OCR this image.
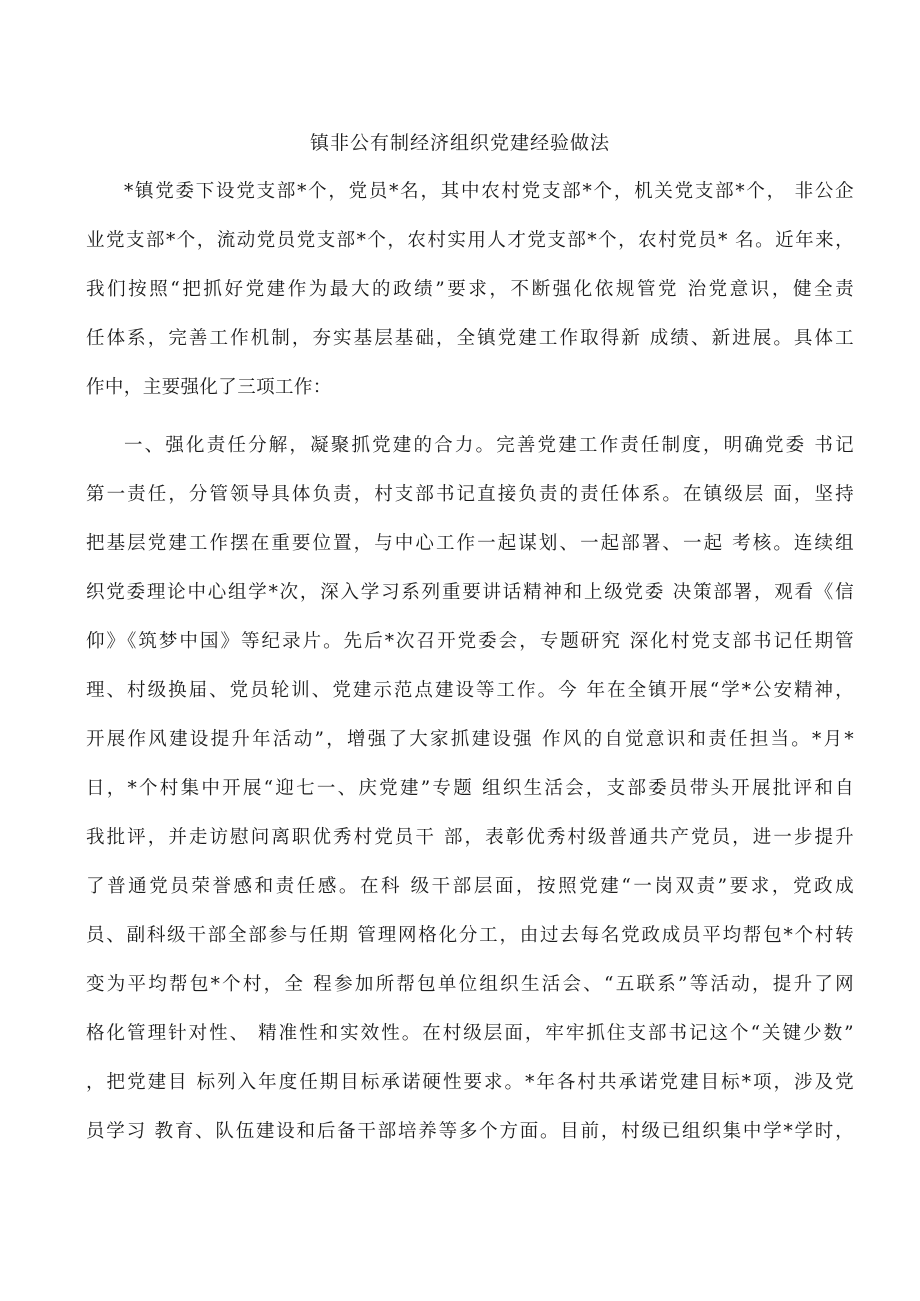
镇非公有制经济组织党建经验做法

*镇党委下设党支部*个，党员*名，其中农村党支部*个，机关党支部*个， 非公企

业党支部*个，流动党员党支部*个，农村实用人才党支部*个，农村党员* 名。近年来，

我们按照“把抓好党建作为最大的政绩”要求，不断强化依规管党 治党意识，健全责

任体系，完善工作机制，夯实基层基础，全镇党建工作取得新 成绩、新进展。具体工

作中，主要强化了三项工作：

一、强化责任分解，凝聚抓党建的合力。完善党建工作责任制度，明确党委 书记

第一责任，分管领导具体负责，村支部书记直接负责的责任体系。在镇级层 面，坚持

把基层党建工作摆在重要位置，与中心工作一起谋划、一起部署、一起 考核。连续组

织党委理论中心组学*次，深入学习系列重要讲话精神和上级党委 决策部署，观看《信

仰》《筑梦中国》等纪录片。先后*次召开党委会，专题研究 深化村党支部书记任期管

理、村级换届、党员轮训、党建示范点建设等工作。今 年在全镇开展“学*公安精神，

开展作风建设提升年活动”，增强了大家抓建设强 作风的自觉意识和责任担当。*月*

日，*个村集中开展“迎七一、庆党建”专题 组织生活会，支部委员带头开展批评和自

我批评，并走访慰问离职优秀村党员干 部，表彰优秀村级普通共产党员，进一步提升

了普通党员荣誉感和责任感。在科 级干部层面，按照党建“一岗双责”要求，党政成

员、副科级干部全部参与任期 管理网格化分工，由过去每名党政成员平均帮包*个村转

变为平均帮包*个村，全 程参加所帮包单位组织生活会、“五联系”等活动，提升了网

格化管理针对性、 精准性和实效性。在村级层面，牢牢抓住支部书记这个“关键少数”

，把党建目 标列入年度任期目标承诺硬性要求。*年各村共承诺党建目标*项，涉及党

员学习 教育、队伍建设和后备干部培养等多个方面。目前，村级已组织集中学*学时，
